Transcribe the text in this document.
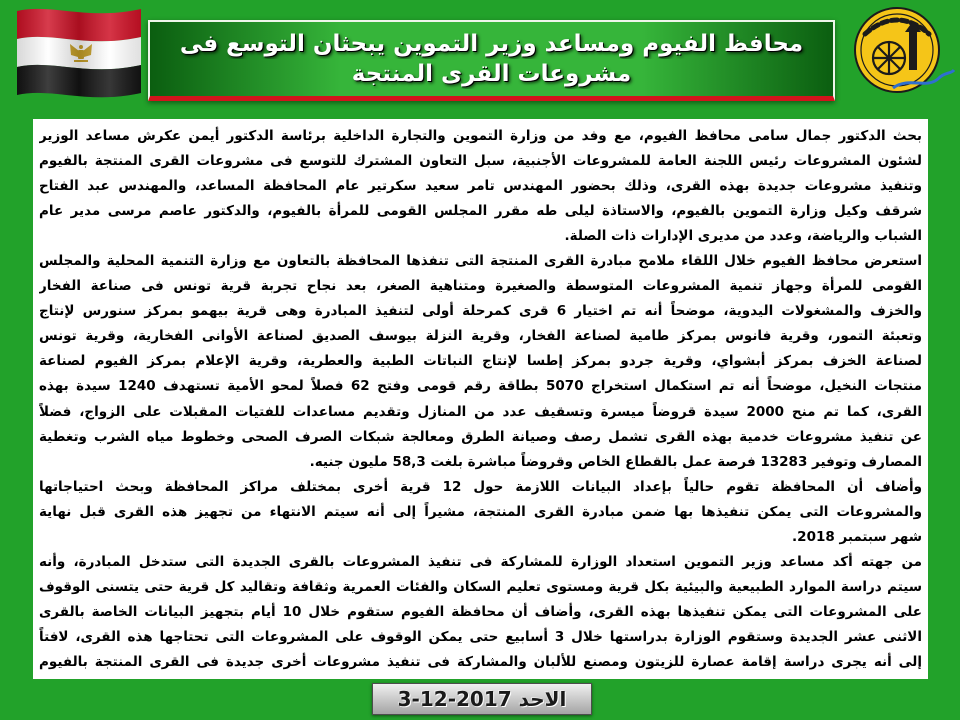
محافظ الفيوم ومساعد وزير التموين يبحثان التوسع فى
مشروعات القرى المنتجة
بحث الدكتور جمال سامى محافظ الفيوم، مع وفد من وزارة التموين والتجارة الداخلية برئاسة الدكتور أيمن عكرش مساعد الوزير
لشئون المشروعات رئيس اللجنة العامة للمشروعات الأجنبية، سبل التعاون المشترك للتوسع فى مشروعات القرى المنتجة بالفيوم
وتنفيذ مشروعات جديدة بهذه القرى، وذلك بحضور المهندس تامر سعيد سكرتير عام المحافظة المساعد، والمهندس عبد الفتاح
شرقف وكيل وزارة التموين بالفيوم، والاستاذة ليلى طه مقرر المجلس القومى للمرأة بالفيوم، والدكتور عاصم مرسى مدير عام
الشباب والرياضة، وعدد من مديرى الإدارات ذات الصلة.
استعرض محافظ الفيوم خلال اللقاء ملامح مبادرة القرى المنتجة التى تنفذها المحافظة بالتعاون مع وزارة التنمية المحلية والمجلس
القومى للمرأة وجهاز تنمية المشروعات المتوسطة والصغيرة ومتناهية الصغر، بعد نجاح تجربة قرية تونس فى صناعة الفخار
والخزف والمشغولات اليدوية، موضحاً أنه تم اختيار 6 قرى كمرحلة أولى لتنفيذ المبادرة وهى قرية بيهمو بمركز سنورس لإنتاج
وتعبئة التمور، وقرية فانوس بمركز طامية لصناعة الفخار، وقرية النزلة بيوسف الصديق لصناعة الأوانى الفخارية، وقرية تونس
لصناعة الخزف بمركز أبشواي، وقرية جردو بمركز إطسا لإنتاج النباتات الطبية والعطرية، وقرية الإعلام بمركز الفيوم لصناعة
منتجات النخيل، موضحاً أنه تم استكمال استخراج 5070 بطاقة رقم قومى وفتح 62 فصلاً لمحو الأمية تستهدف 1240 سيدة بهذه
القرى، كما تم منح 2000 سيدة قروضاً ميسرة وتسقيف عدد من المنازل وتقديم مساعدات للفتيات المقبلات على الزواج، فضلاً
عن تنفيذ مشروعات خدمية بهذه القرى تشمل رصف وصيانة الطرق ومعالجة شبكات الصرف الصحى وخطوط مياه الشرب وتغطية
المصارف وتوفير 13283 فرصة عمل بالقطاع الخاص وقروضاً مباشرة بلغت 58,3 مليون جنيه.
وأضاف أن المحافظة تقوم حالياً بإعداد البيانات اللازمة حول 12 قرية أخرى بمختلف مراكز المحافظة وبحث احتياجاتها
والمشروعات التى يمكن تنفيذها بها ضمن مبادرة القرى المنتجة، مشيراً إلى أنه سيتم الانتهاء من تجهيز هذه القرى قبل نهاية
شهر سبتمبر 2018.
من جهته أكد مساعد وزير التموين استعداد الوزارة للمشاركة فى تنفيذ المشروعات بالقرى الجديدة التى ستدخل المبادرة، وأنه
سيتم دراسة الموارد الطبيعية والبيئية بكل قرية ومستوى تعليم السكان والفئات العمرية وثقافة وتقاليد كل قرية حتى يتسنى الوقوف
على المشروعات التى يمكن تنفيذها بهذه القرى، وأضاف أن محافظة الفيوم ستقوم خلال 10 أيام بتجهيز البيانات الخاصة بالقرى
الاثنى عشر الجديدة وستقوم الوزارة بدراستها خلال 3 أسابيع حتى يمكن الوقوف على المشروعات التى تحتاجها هذه القرى، لافتاً
إلى أنه يجرى دراسة إقامة عصارة للزيتون ومصنع للألبان والمشاركة فى تنفيذ مشروعات أخرى جديدة فى القرى المنتجة بالفيوم
الاحد 2017-12-3
